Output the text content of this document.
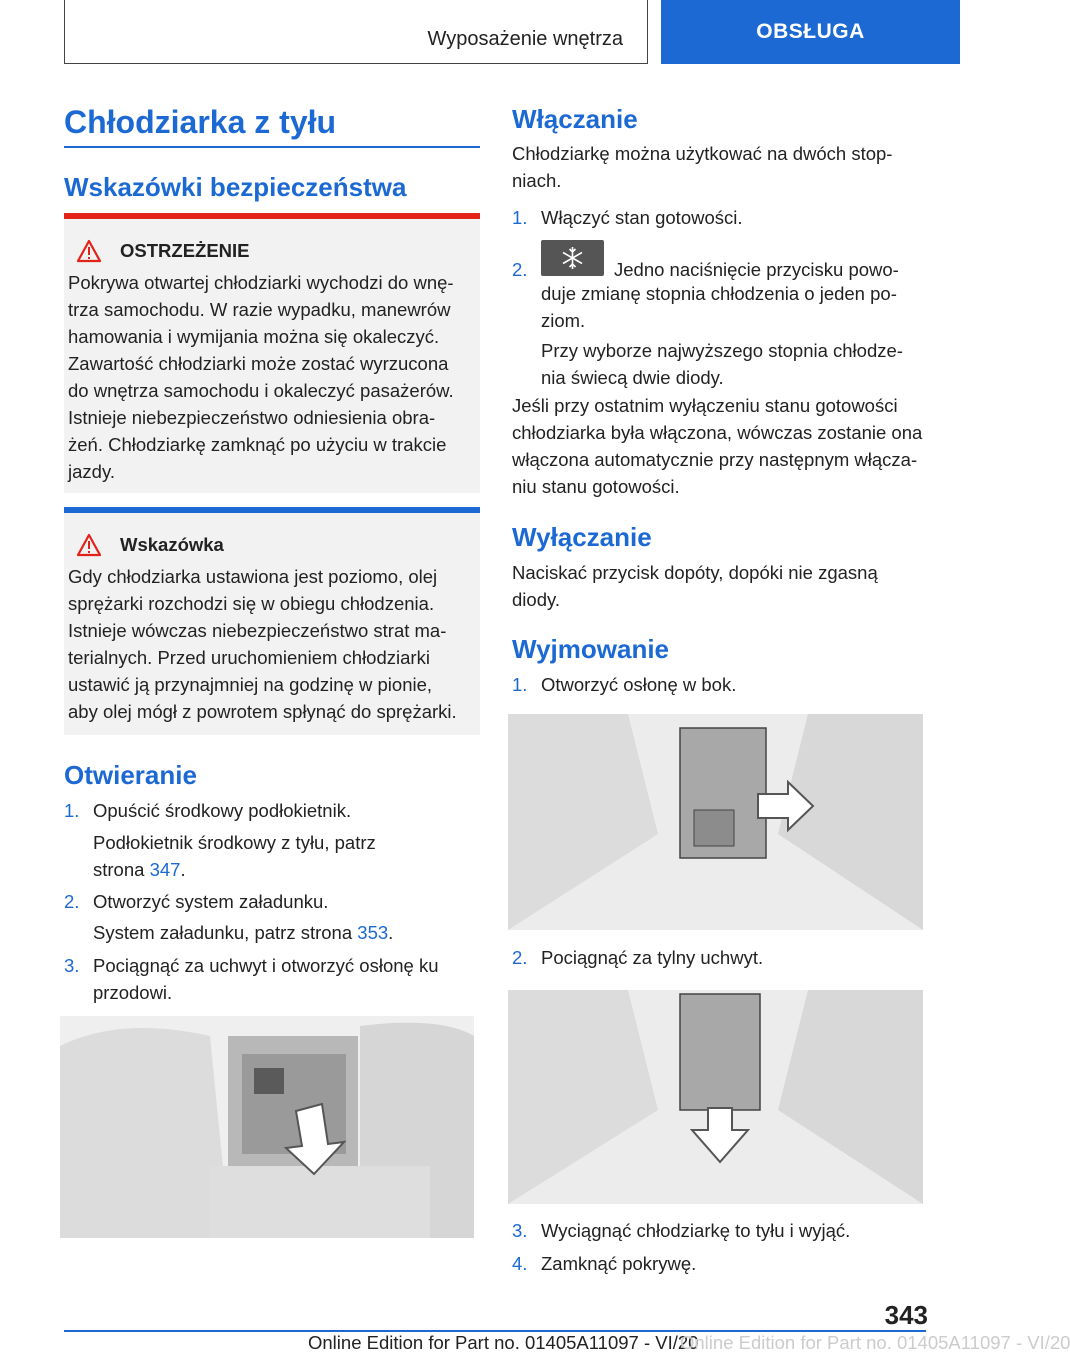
Wyposażenie wnętrza	OBSŁUGA
Chłodziarka z tyłu
Wskazówki bezpieczeństwa
OSTRZEŻENIE
Pokrywa otwartej chłodziarki wychodzi do wnę-
trza samochodu. W razie wypadku, manewrów
hamowania i wymijania można się okaleczyć.
Zawartość chłodziarki może zostać wyrzucona
do wnętrza samochodu i okaleczyć pasażerów.
Istnieje niebezpieczeństwo odniesienia obra-
żeń. Chłodziarkę zamknąć po użyciu w trakcie
jazdy.
Wskazówka
Gdy chłodziarka ustawiona jest poziomo, olej
sprężarki rozchodzi się w obiegu chłodzenia.
Istnieje wówczas niebezpieczeństwo strat ma-
terialnych. Przed uruchomieniem chłodziarki
ustawić ją przynajmniej na godzinę w pionie,
aby olej mógł z powrotem spłynąć do sprężarki.
Otwieranie
1. Opuścić środkowy podłokietnik.
Podłokietnik środkowy z tyłu, patrz
strona 347.
2. Otworzyć system załadunku.
System załadunku, patrz strona 353.
3. Pociągnąć za uchwyt i otworzyć osłonę ku
przodowi.
Włączanie
Chłodziarkę można użytkować na dwóch stop-
niach.
1. Włączyć stan gotowości.
2.	Jedno naciśnięcie przycisku powo-
duje zmianę stopnia chłodzenia o jeden po-
ziom.
Przy wyborze najwyższego stopnia chłodze-
nia świecą dwie diody.
Jeśli przy ostatnim wyłączeniu stanu gotowości
chłodziarka była włączona, wówczas zostanie ona
włączona automatycznie przy następnym włącza-
niu stanu gotowości.
Wyłączanie
Naciskać przycisk dopóty, dopóki nie zgasną
diody.
Wyjmowanie
1. Otworzyć osłonę w bok.
2. Pociągnąć za tylny uchwyt.
3. Wyciągnąć chłodziarkę to tyłu i wyjąć.
4. Zamknąć pokrywę.
343
Online Edition for Part no. 01405A11097 - VI/20
Online Edition for Part no. 01405A11097 - VI/20
